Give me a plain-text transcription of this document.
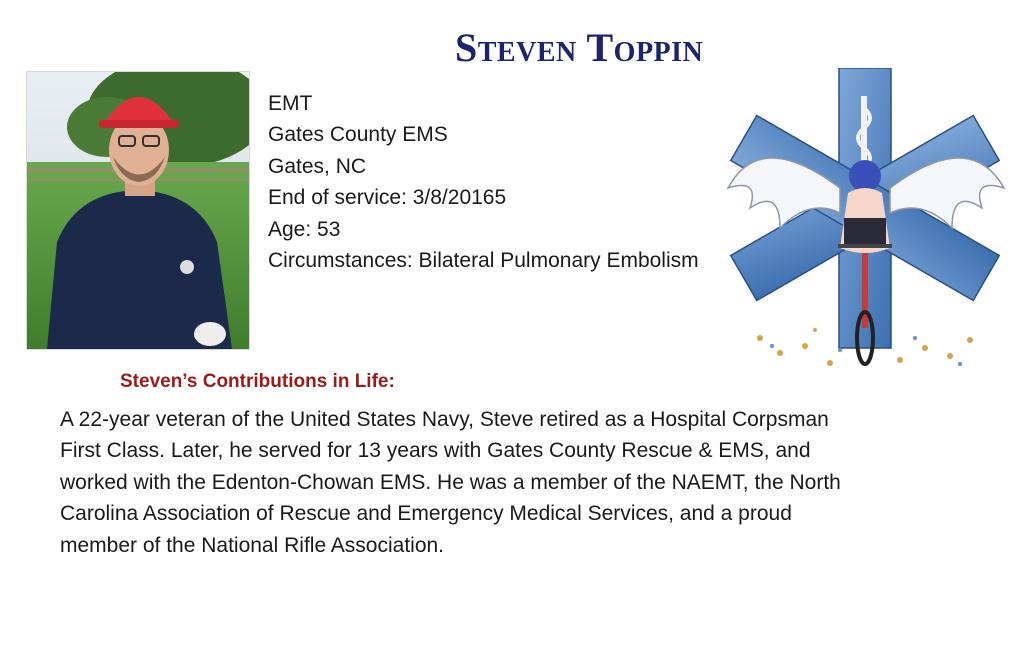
Steven Toppin
EMT
Gates County EMS
Gates, NC
End of service: 3/8/20165
Age: 53
Circumstances: Bilateral Pulmonary Embolism
Steven’s Contributions in Life:
A 22-year veteran of the United States Navy, Steve retired as a Hospital Corpsman
First Class. Later, he served for 13 years with Gates County Rescue & EMS, and
worked with the Edenton-Chowan EMS. He was a member of the NAEMT, the North
Carolina Association of Rescue and Emergency Medical Services, and a proud
member of the National Rifle Association.
